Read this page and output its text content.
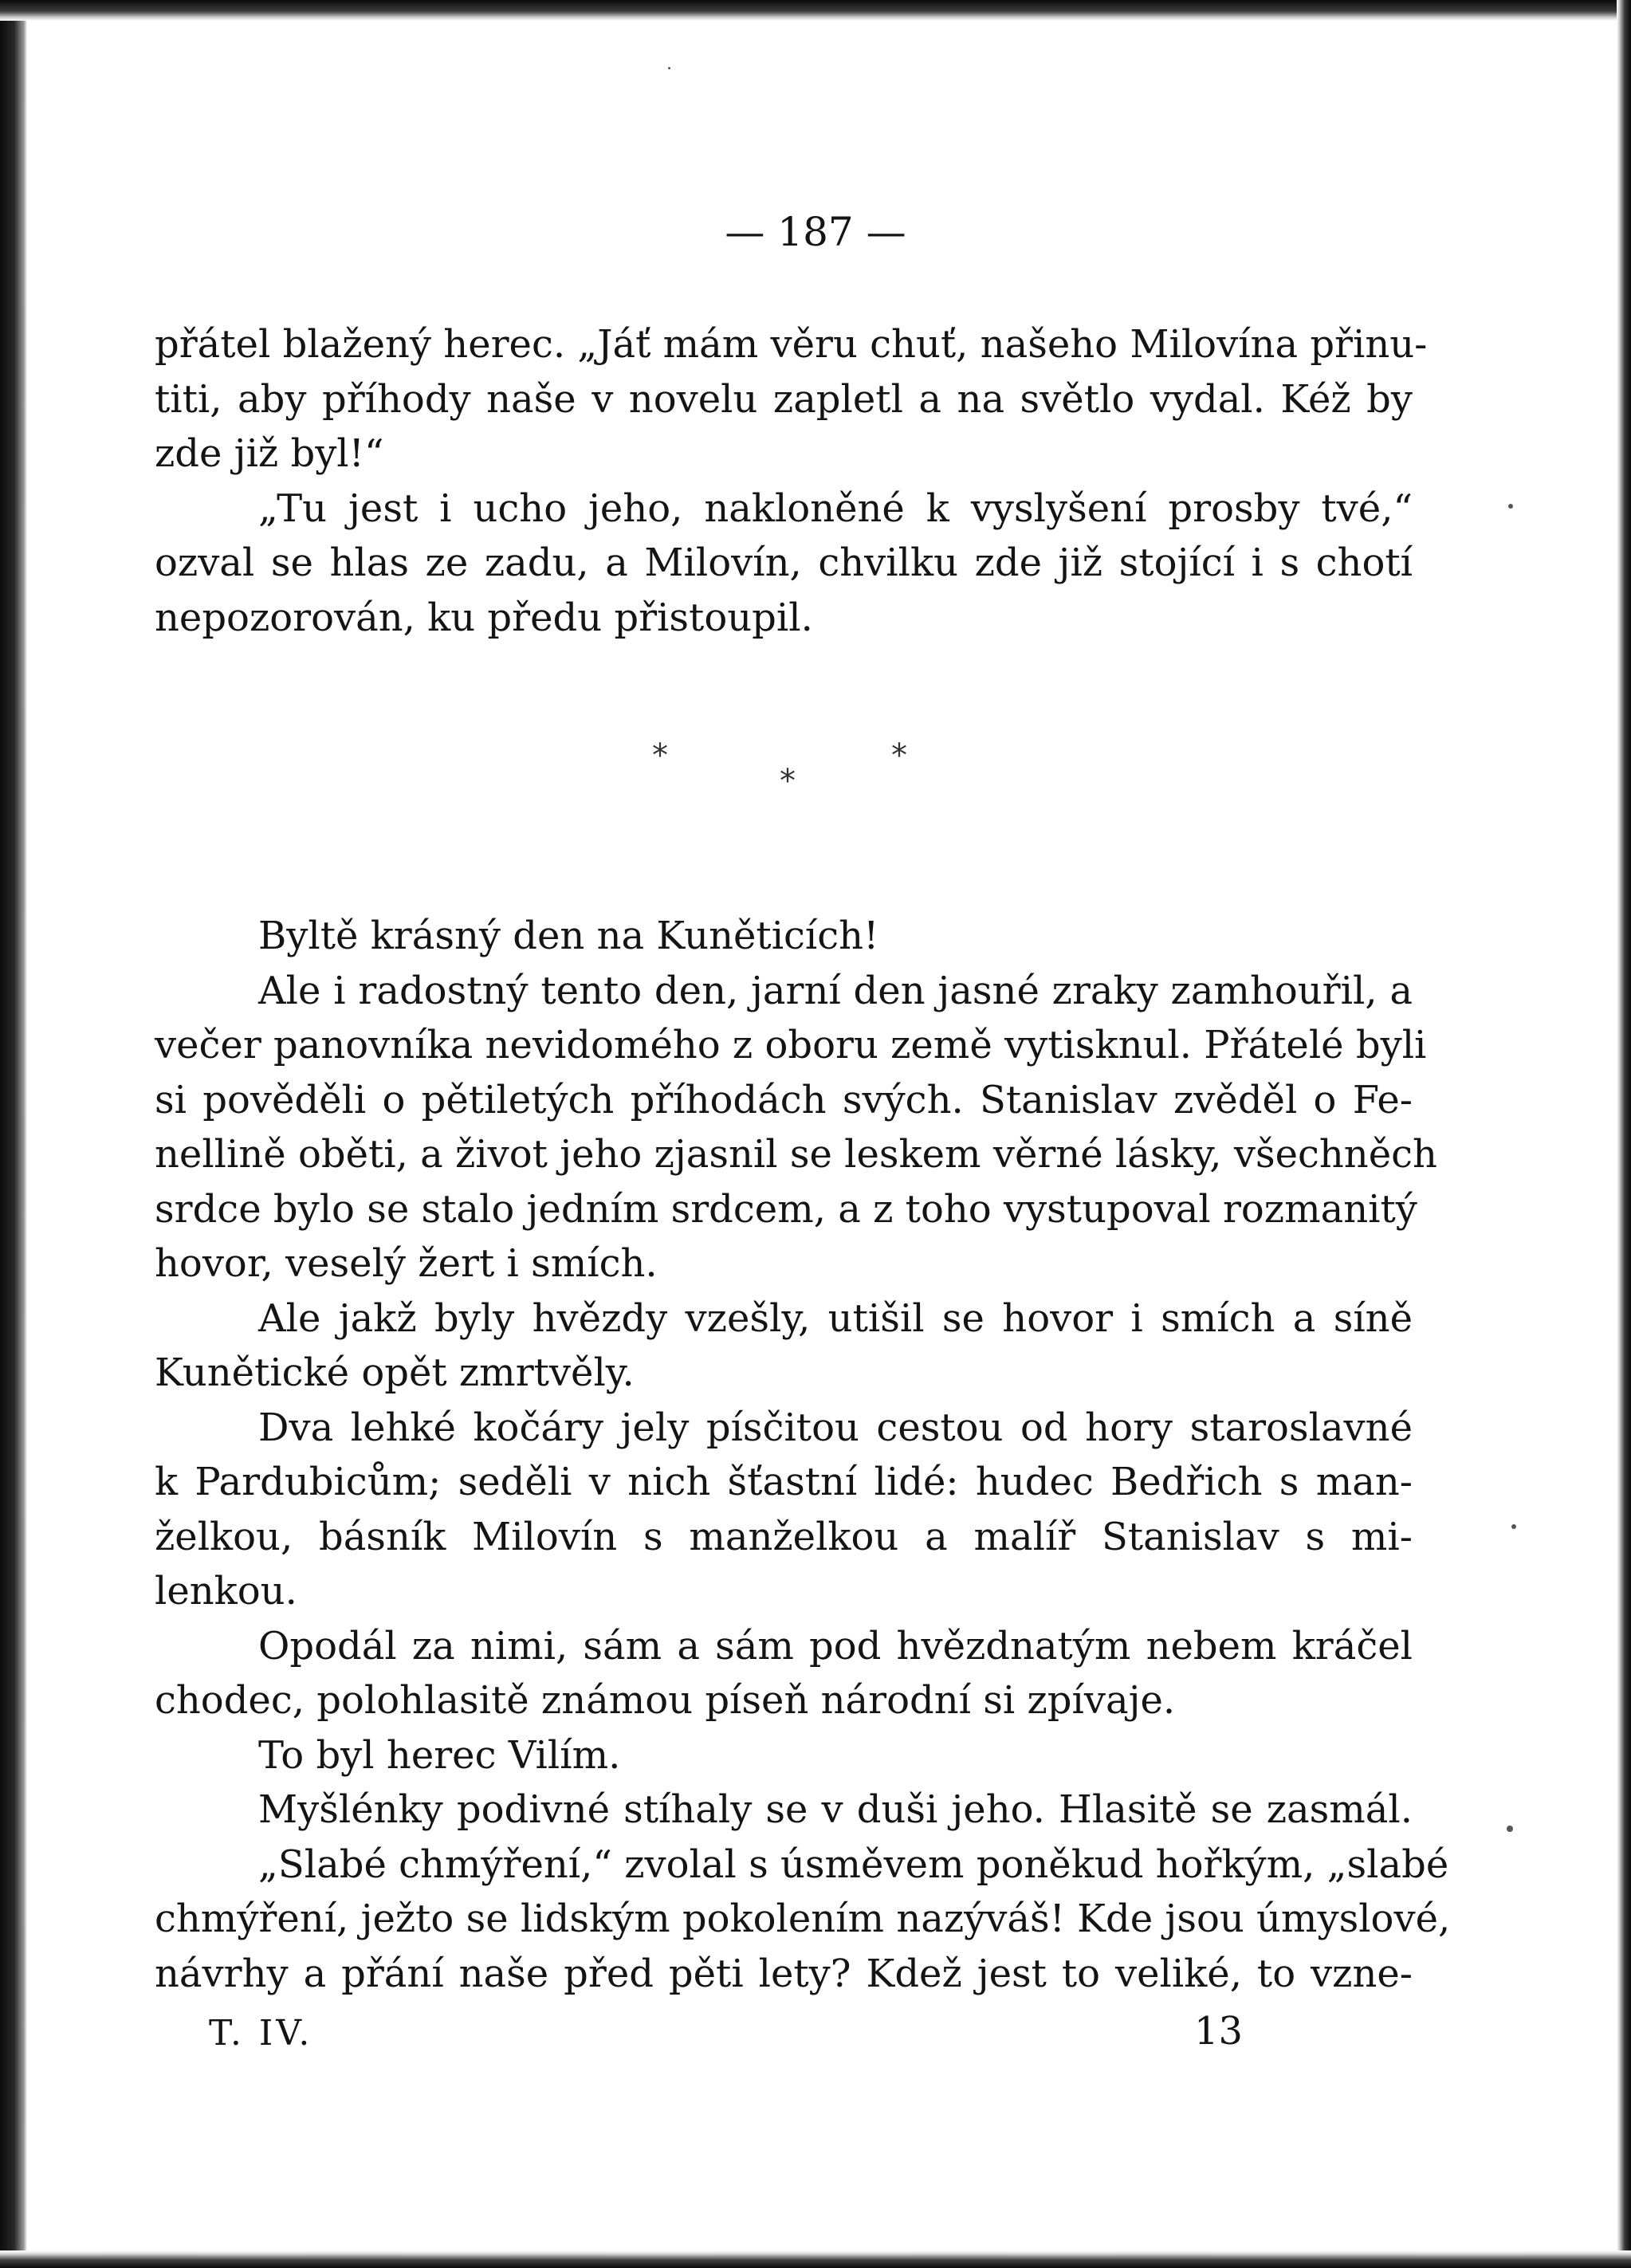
— 187 —
přátel blažený herec. „Jáť mám věru chuť, našeho Milovína přinu-
titi, aby příhody naše v novelu zapletl a na světlo vydal. Kéž by
zde již byl!“
„Tu jest i ucho jeho, nakloněné k vyslyšení prosby tvé,“
ozval se hlas ze zadu, a Milovín, chvilku zde již stojící i s chotí
nepozorován, ku předu přistoupil.
*
*
*
Byltě krásný den na Kuněticích!
Ale i radostný tento den, jarní den jasné zraky zamhouřil, a
večer panovníka nevidomého z oboru země vytisknul. Přátelé byli
si pověděli o pětiletých příhodách svých. Stanislav zvěděl o Fe-
nellině oběti, a život jeho zjasnil se leskem věrné lásky, všechněch
srdce bylo se stalo jedním srdcem, a z toho vystupoval rozmanitý
hovor, veselý žert i smích.
Ale jakž byly hvězdy vzešly, utišil se hovor i smích a síně
Kunětické opět zmrtvěly.
Dva lehké kočáry jely písčitou cestou od hory staroslavné
k Pardubicům; seděli v nich šťastní lidé: hudec Bedřich s man-
želkou, básník Milovín s manželkou a malíř Stanislav s mi-
lenkou.
Opodál za nimi, sám a sám pod hvězdnatým nebem kráčel
chodec, polohlasitě známou píseň národní si zpívaje.
To byl herec Vilím.
Myšlénky podivné stíhaly se v duši jeho. Hlasitě se zasmál.
„Slabé chmýření,“ zvolal s úsměvem poněkud hořkým, „slabé
chmýření, ježto se lidským pokolením nazýváš! Kde jsou úmyslové,
návrhy a přání naše před pěti lety? Kdež jest to veliké, to vzne-
T. IV.	13
